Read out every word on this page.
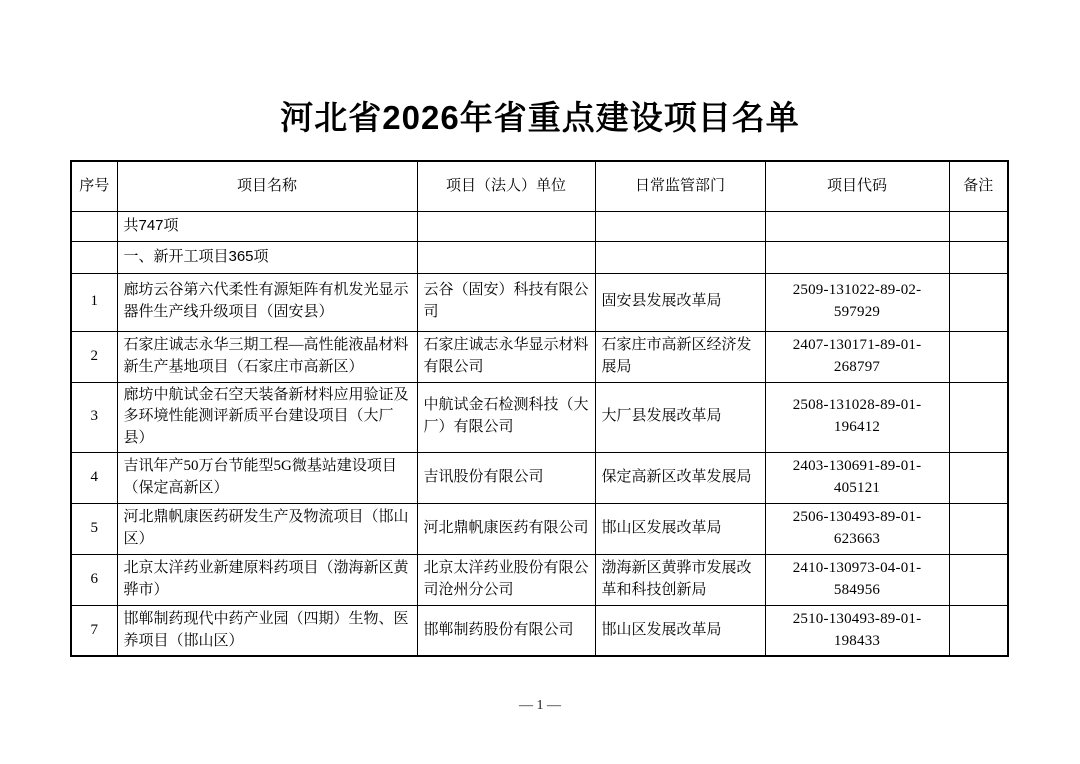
河北省2026年省重点建设项目名单
序号	项目名称	项目（法人）单位	日常监管部门	项目代码	备注
	共747项				
	一、新开工项目365项				
1	廊坊云谷第六代柔性有源矩阵有机发光显示器件生产线升级项目（固安县）	云谷（固安）科技有限公司	固安县发展改革局	2509-131022-89-02-597929	
2	石家庄诚志永华三期工程—高性能液晶材料新生产基地项目（石家庄市高新区）	石家庄诚志永华显示材料有限公司	石家庄市高新区经济发展局	2407-130171-89-01-268797	
3	廊坊中航试金石空天装备新材料应用验证及多环境性能测评新质平台建设项目（大厂县）	中航试金石检测科技（大厂）有限公司	大厂县发展改革局	2508-131028-89-01-196412	
4	吉讯年产50万台节能型5G微基站建设项目（保定高新区）	吉讯股份有限公司	保定高新区改革发展局	2403-130691-89-01-405121	
5	河北鼎帆康医药研发生产及物流项目（邯山区）	河北鼎帆康医药有限公司	邯山区发展改革局	2506-130493-89-01-623663	
6	北京太洋药业新建原料药项目（渤海新区黄骅市）	北京太洋药业股份有限公司沧州分公司	渤海新区黄骅市发展改革和科技创新局	2410-130973-04-01-584956	
7	邯郸制药现代中药产业园（四期）生物、医养项目（邯山区）	邯郸制药股份有限公司	邯山区发展改革局	2510-130493-89-01-198433	
— 1 —
